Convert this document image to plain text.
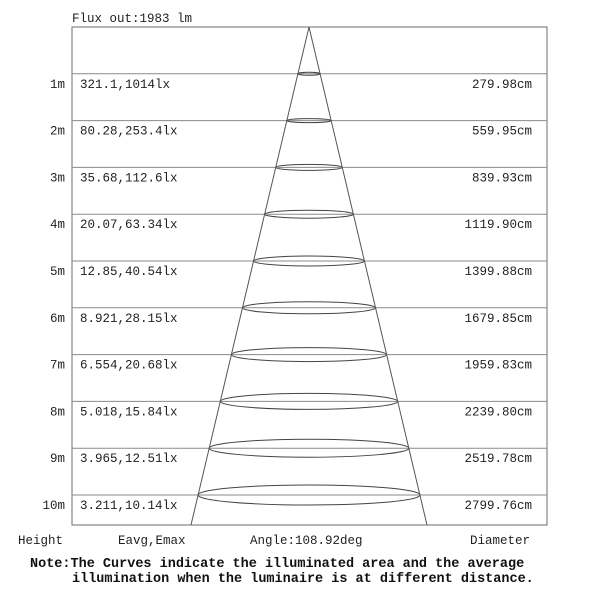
Flux out:1983 lm
1m 321.1,1014lx	279.98cm
2m 80.28,253.4lx	559.95cm
3m 35.68,112.6lx	839.93cm
4m 20.07,63.34lx	1119.90cm
5m 12.85,40.54lx	1399.88cm
6m 8.921,28.15lx	1679.85cm
7m 6.554,20.68lx	1959.83cm
8m 5.018,15.84lx	2239.80cm
9m 3.965,12.51lx	2519.78cm
10m 3.211,10.14lx	2799.76cm
Height	Eavg,Emax	Angle:108.92deg	Diameter
Note:The Curves indicate the illuminated area and the average
illumination when the luminaire is at different distance.
